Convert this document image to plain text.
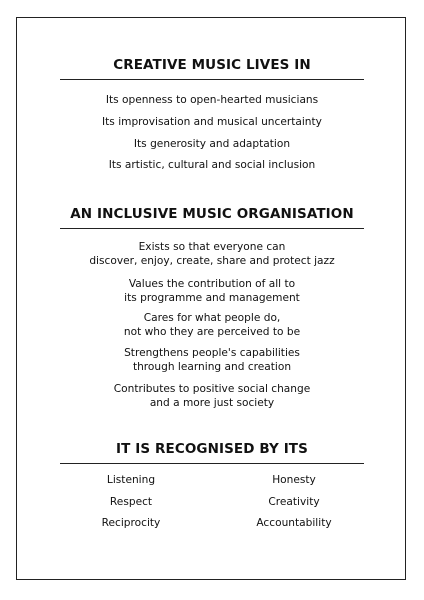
CREATIVE MUSIC LIVES IN
Its openness to open-hearted musicians
Its improvisation and musical uncertainty
Its generosity and adaptation
Its artistic, cultural and social inclusion
AN INCLUSIVE MUSIC ORGANISATION
Exists so that everyone can
discover, enjoy, create, share and protect jazz
Values the contribution of all to
its programme and management
Cares for what people do,
not who they are perceived to be
Strengthens people's capabilities
through learning and creation
Contributes to positive social change
and a more just society
IT IS RECOGNISED BY ITS
Listening
Respect
Reciprocity
Honesty
Creativity
Accountability
